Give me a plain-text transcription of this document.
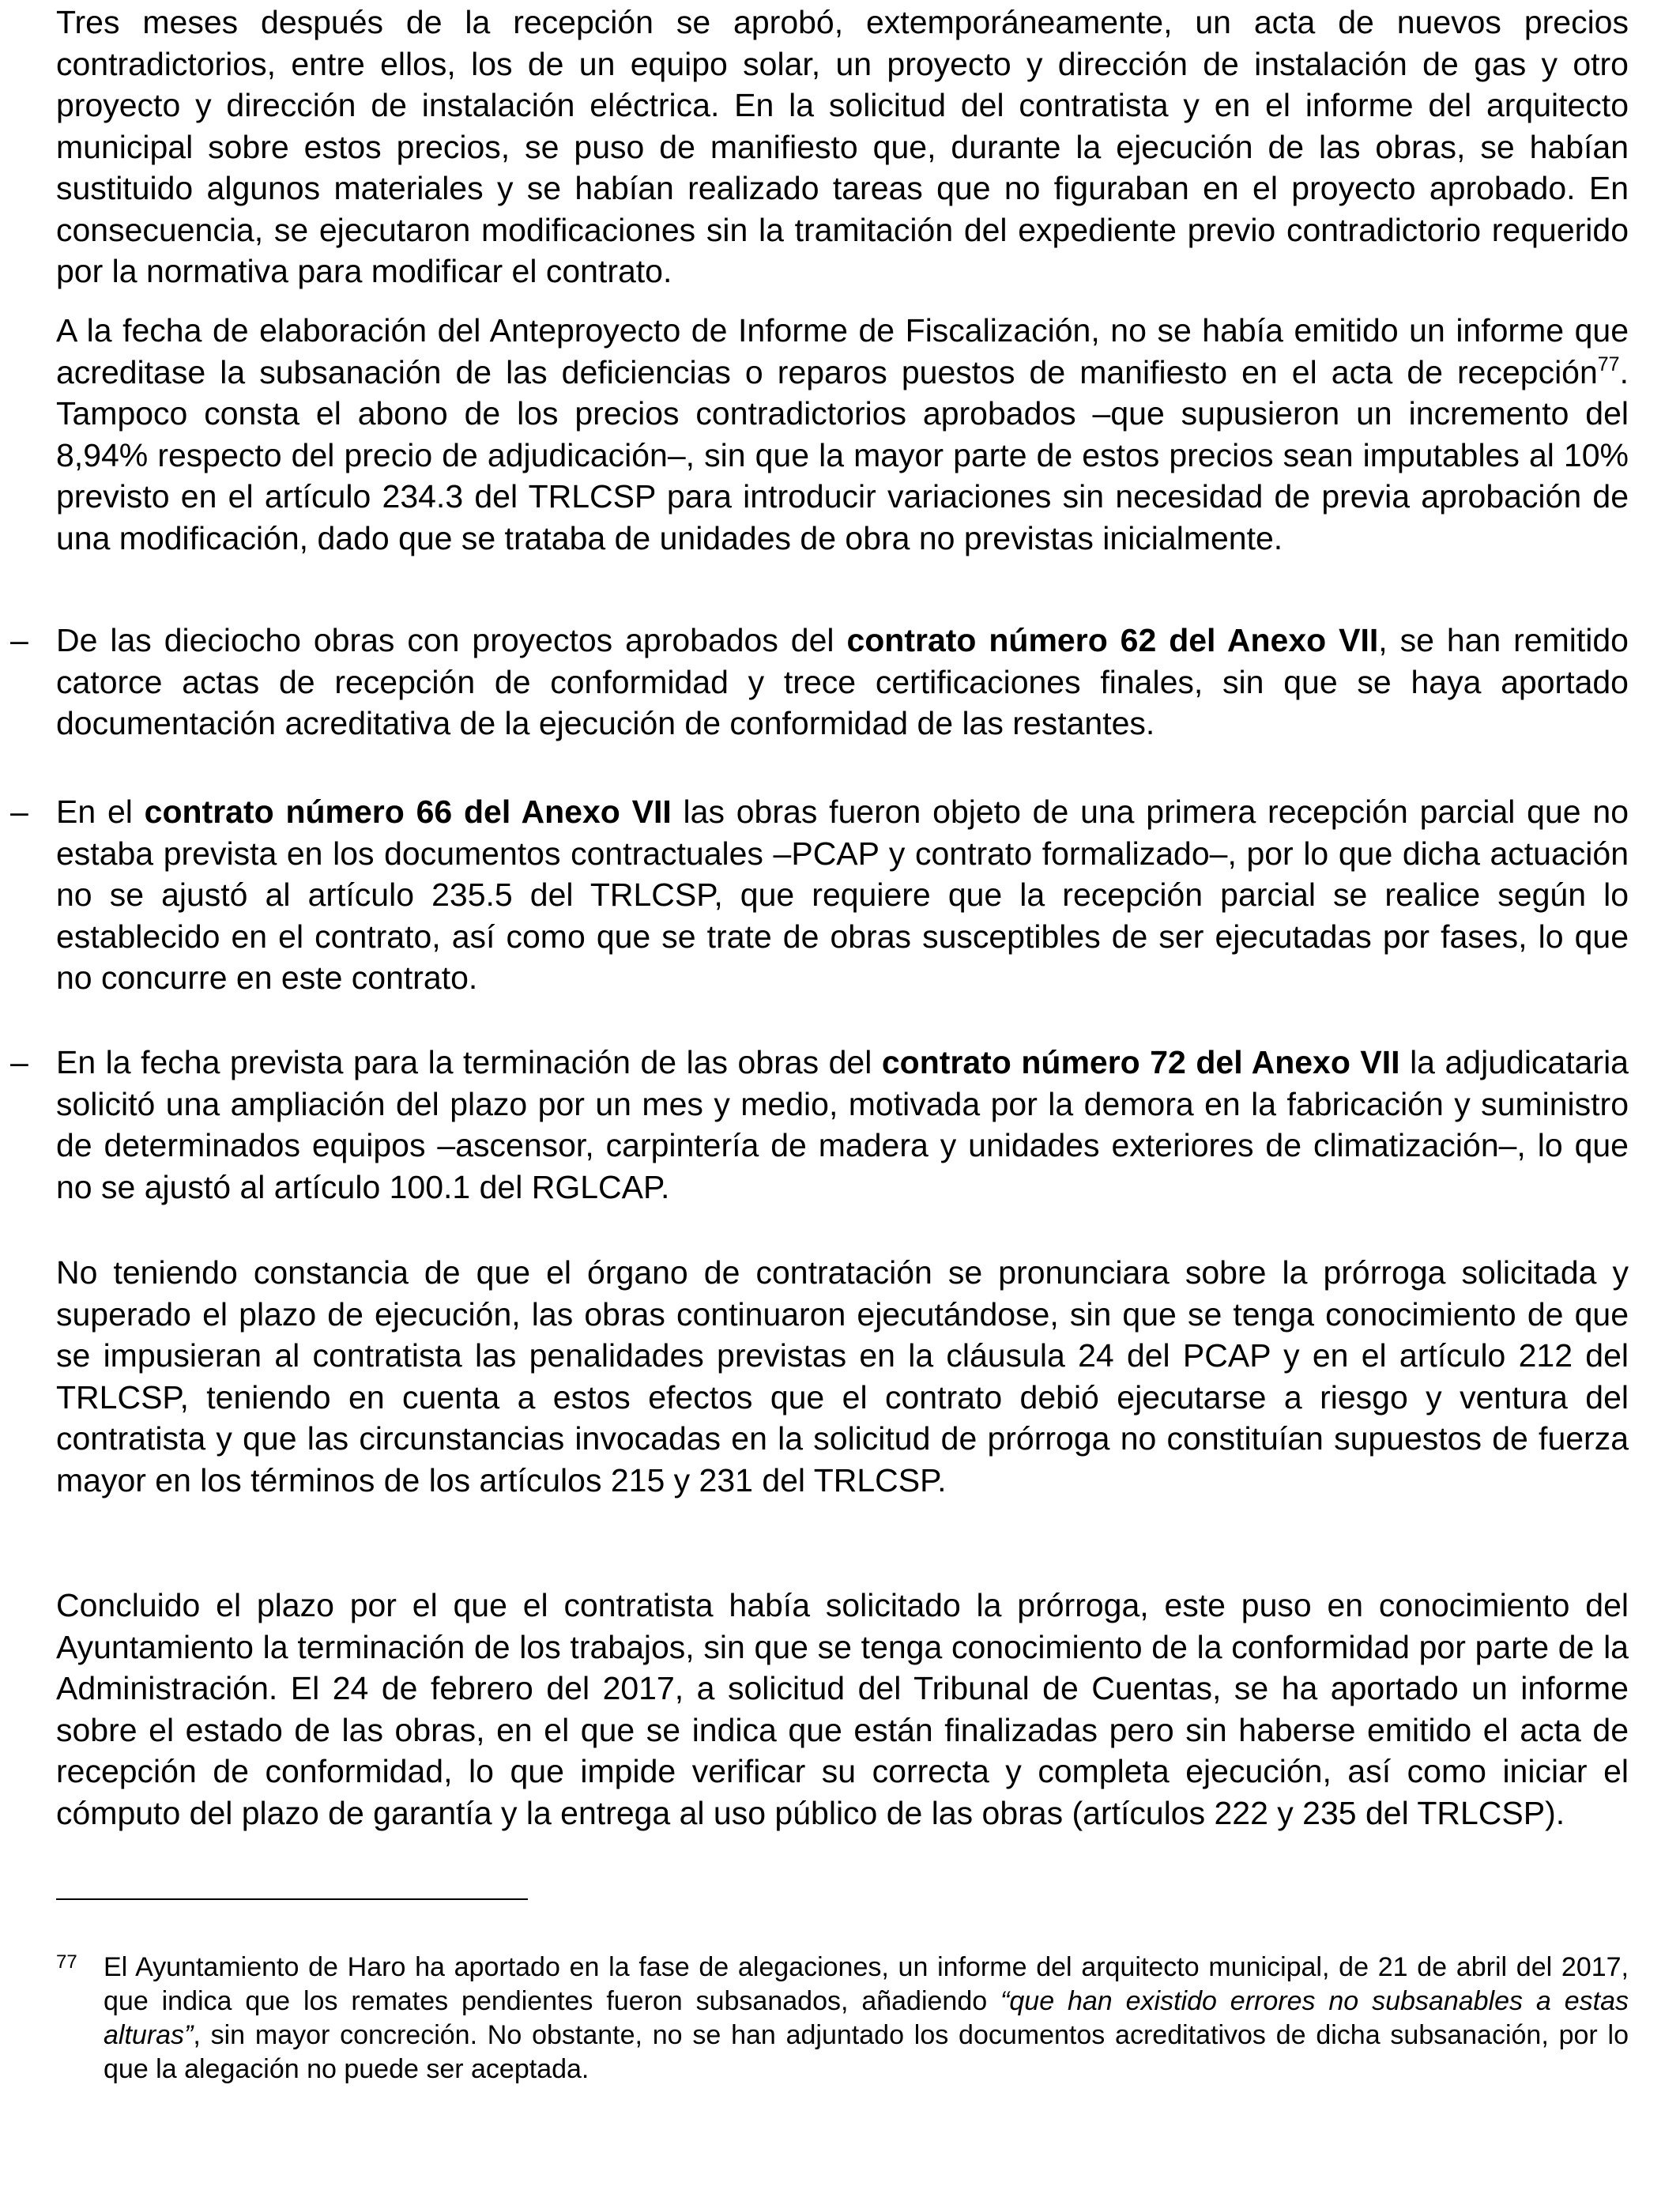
Tres meses después de la recepción se aprobó, extemporáneamente, un acta de nuevos precios contradictorios, entre ellos, los de un equipo solar, un proyecto y dirección de instalación de gas y otro proyecto y dirección de instalación eléctrica. En la solicitud del contratista y en el informe del arquitecto municipal sobre estos precios, se puso de manifiesto que, durante la ejecución de las obras, se habían sustituido algunos materiales y se habían realizado tareas que no figuraban en el proyecto aprobado. En consecuencia, se ejecutaron modificaciones sin la tramitación del expediente previo contradictorio requerido por la normativa para modificar el contrato.

A la fecha de elaboración del Anteproyecto de Informe de Fiscalización, no se había emitido un informe que acreditase la subsanación de las deficiencias o reparos puestos de manifiesto en el acta de recepción$^{77}$. Tampoco consta el abono de los precios contradictorios aprobados –que supusieron un incremento del 8,94% respecto del precio de adjudicación–, sin que la mayor parte de estos precios sean imputables al 10% previsto en el artículo 234.3 del TRLCSP para introducir variaciones sin necesidad de previa aprobación de una modificación, dado que se trataba de unidades de obra no previstas inicialmente.

– De las dieciocho obras con proyectos aprobados del contrato número 62 del Anexo VII, se han remitido catorce actas de recepción de conformidad y trece certificaciones finales, sin que se haya aportado documentación acreditativa de la ejecución de conformidad de las restantes.
– En el contrato número 66 del Anexo VII las obras fueron objeto de una primera recepción parcial que no estaba prevista en los documentos contractuales –PCAP y contrato formalizado–, por lo que dicha actuación no se ajustó al artículo 235.5 del TRLCSP, que requiere que la recepción parcial se realice según lo establecido en el contrato, así como que se trate de obras susceptibles de ser ejecutadas por fases, lo que no concurre en este contrato.
– En la fecha prevista para la terminación de las obras del contrato número 72 del Anexo VII la adjudicataria solicitó una ampliación del plazo por un mes y medio, motivada por la demora en la fabricación y suministro de determinados equipos –ascensor, carpintería de madera y unidades exteriores de climatización–, lo que no se ajustó al artículo 100.1 del RGLCAP.

No teniendo constancia de que el órgano de contratación se pronunciara sobre la prórroga solicitada y superado el plazo de ejecución, las obras continuaron ejecutándose, sin que se tenga conocimiento de que se impusieran al contratista las penalidades previstas en la cláusula 24 del PCAP y en el artículo 212 del TRLCSP, teniendo en cuenta a estos efectos que el contrato debió ejecutarse a riesgo y ventura del contratista y que las circunstancias invocadas en la solicitud de prórroga no constituían supuestos de fuerza mayor en los términos de los artículos 215 y 231 del TRLCSP.

Concluido el plazo por el que el contratista había solicitado la prórroga, este puso en conocimiento del Ayuntamiento la terminación de los trabajos, sin que se tenga conocimiento de la conformidad por parte de la Administración. El 24 de febrero del 2017, a solicitud del Tribunal de Cuentas, se ha aportado un informe sobre el estado de las obras, en el que se indica que están finalizadas pero sin haberse emitido el acta de recepción de conformidad, lo que impide verificar su correcta y completa ejecución, así como iniciar el cómputo del plazo de garantía y la entrega al uso público de las obras (artículos 222 y 235 del TRLCSP).

77 El Ayuntamiento de Haro ha aportado en la fase de alegaciones, un informe del arquitecto municipal, de 21 de abril del 2017, que indica que los remates pendientes fueron subsanados, añadiendo “que han existido errores no subsanables a estas alturas”, sin mayor concreción. No obstante, no se han adjuntado los documentos acreditativos de dicha subsanación, por lo que la alegación no puede ser aceptada.
